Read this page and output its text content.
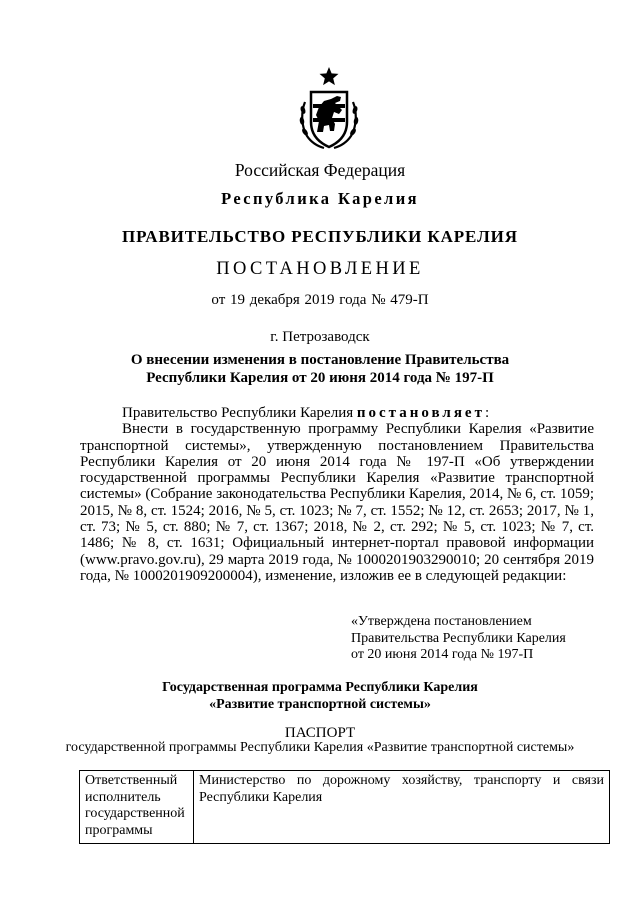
Российская Федерация
Республика Карелия
ПРАВИТЕЛЬСТВО РЕСПУБЛИКИ КАРЕЛИЯ
ПОСТАНОВЛЕНИЕ
от 19 декабря 2019 года № 479-П
г. Петрозаводск
О внесении изменения в постановление Правительства
Республики Карелия от 20 июня 2014 года № 197-П

Правительство Республики Карелия постановляет:

Внести в государственную программу Республики Карелия «Развитие транспортной системы», утвержденную постановлением Правительства Республики Карелия от 20 июня 2014 года № 197-П «Об утверждении государственной программы Республики Карелия «Развитие транспортной системы» (Собрание законодательства Республики Карелия, 2014, № 6, ст. 1059; 2015, № 8, ст. 1524; 2016, № 5, ст. 1023; № 7, ст. 1552; № 12, ст. 2653; 2017, № 1, ст. 73; № 5, ст. 880; № 7, ст. 1367; 2018, № 2, ст. 292; № 5, ст. 1023; № 7, ст. 1486; № 8, ст. 1631; Официальный интернет-портал правовой информации (www.pravo.gov.ru), 29 марта 2019 года, № 1000201903290010; 20 сентября 2019 года, № 1000201909200004), изменение, изложив ее в следующей редакции:

«Утверждена постановлением
Правительства Республики Карелия
от 20 июня 2014 года № 197-П
Государственная программа Республики Карелия
«Развитие транспортной системы»
ПАСПОРТ
государственной программы Республики Карелия «Развитие транспортной системы»
Ответственный исполнитель государственной программы	Министерство по дорожному хозяйству, транспорту и связи Республики Карелия
